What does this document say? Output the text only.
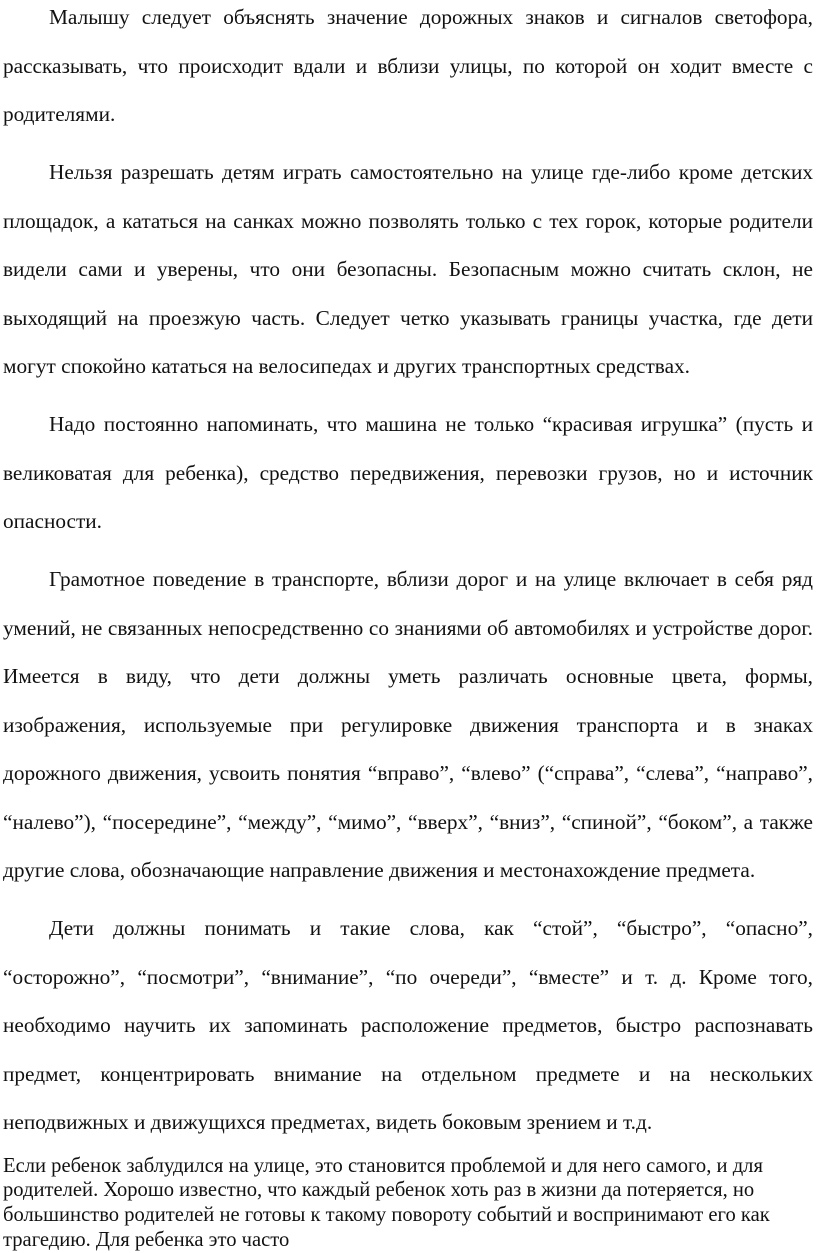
Малышу следует объяснять значение дорожных знаков и сигналов светофора, рассказывать, что происходит вдали и вблизи улицы, по которой он ходит вместе с родителями.

Нельзя разрешать детям играть самостоятельно на улице где-либо кроме детских площадок, а кататься на санках можно позволять только с тех горок, которые родители видели сами и уверены, что они безопасны. Безопасным можно считать склон, не выходящий на проезжую часть. Следует четко указывать границы участка, где дети могут спокойно кататься на велосипедах и других транспортных средствах.

Надо постоянно напоминать, что машина не только “красивая игрушка” (пусть и великоватая для ребенка), средство передвижения, перевозки грузов, но и источник опасности.

Грамотное поведение в транспорте, вблизи дорог и на улице включает в себя ряд умений, не связанных непосредственно со знаниями об автомобилях и устройстве дорог. Имеется в виду, что дети должны уметь различать основные цвета, формы, изображения, используемые при регулировке движения транспорта и в знаках дорожного движения, усвоить понятия “вправо”, “влево” (“справа”, “слева”, “направо”, “налево”), “посередине”, “между”, “мимо”, “вверх”, “вниз”, “спиной”, “боком”, а также другие слова, обозначающие направление движения и местонахождение предмета.

Дети должны понимать и такие слова, как “стой”, “быстро”, “опасно”, “осторожно”, “посмотри”, “внимание”, “по очереди”, “вместе” и т. д. Кроме того, необходимо научить их запоминать расположение предметов, быстро распознавать предмет, концентрировать внимание на отдельном предмете и на нескольких неподвижных и движущихся предметах, видеть боковым зрением и т.д.

Если ребенок заблудился на улице, это становится проблемой и для него самого, и для родителей. Хорошо известно, что каждый ребенок хоть раз в жизни да потеряется, но большинство родителей не готовы к такому повороту событий и воспринимают его как трагедию. Для ребенка это часто
